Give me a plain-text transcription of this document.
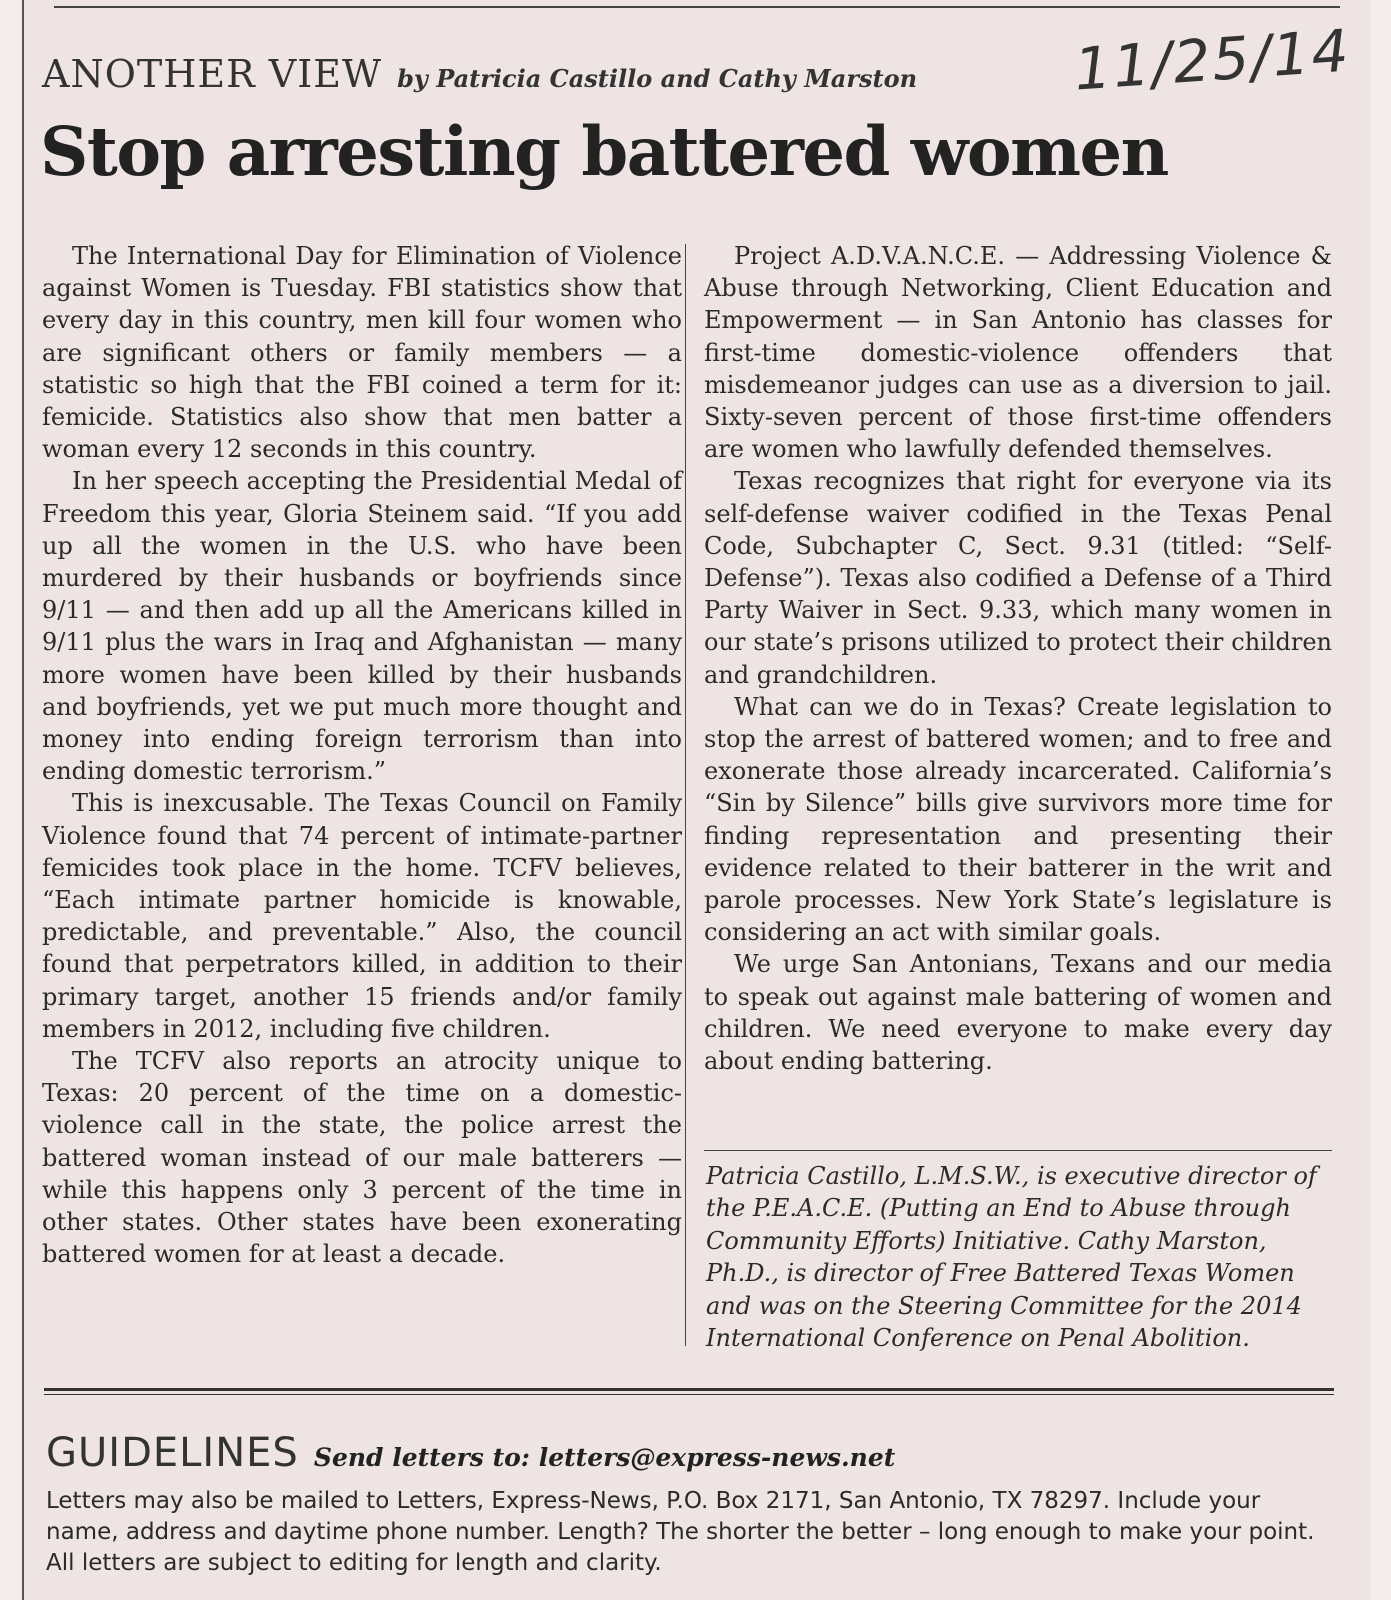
ANOTHER VIEW by Patricia Castillo and Cathy Marston	11/25/14
Stop arresting battered women

The International Day for Elimination of Violence against Women is Tuesday. FBI statistics show that every day in this country, men kill four women who are significant others or family members — a statistic so high that the FBI coined a term for it: femicide. Statistics also show that men batter a woman every 12 seconds in this country.

In her speech accepting the Presidential Medal of Freedom this year, Gloria Steinem said. “If you add up all the women in the U.S. who have been murdered by their husbands or boyfriends since 9/11 — and then add up all the Americans killed in 9/11 plus the wars in Iraq and Afghanistan — many more women have been killed by their husbands and boyfriends, yet we put much more thought and money into ending foreign terrorism than into ending domestic terrorism.”

This is inexcusable. The Texas Council on Family Violence found that 74 percent of intimate-partner femicides took place in the home. TCFV believes, “Each intimate partner homicide is knowable, predictable, and preventable.” Also, the council found that perpetrators killed, in addition to their primary target, another 15 friends and/or family members in 2012, including five children.

The TCFV also reports an atrocity unique to Texas: 20 percent of the time on a domestic-violence call in the state, the police arrest the battered woman instead of our male batterers — while this happens only 3 percent of the time in other states. Other states have been exonerating battered women for at least a decade.

Project A.D.V.A.N.C.E. — Addressing Violence & Abuse through Networking, Client Education and Empowerment — in San Antonio has classes for first-time domestic-violence offenders that misdemeanor judges can use as a diversion to jail. Sixty-seven percent of those first-time offenders are women who lawfully defended themselves.

Texas recognizes that right for everyone via its self-defense waiver codified in the Texas Penal Code, Subchapter C, Sect. 9.31 (titled: “Self-Defense”). Texas also codified a Defense of a Third Party Waiver in Sect. 9.33, which many women in our state’s prisons utilized to protect their children and grandchildren.

What can we do in Texas? Create legislation to stop the arrest of battered women; and to free and exonerate those already incarcerated. California’s “Sin by Silence” bills give survivors more time for finding representation and presenting their evidence related to their batterer in the writ and parole processes. New York State’s legislature is considering an act with similar goals.

We urge San Antonians, Texans and our media to speak out against male battering of women and children. We need everyone to make every day about ending battering.

Patricia Castillo, L.M.S.W., is executive director of the P.E.A.C.E. (Putting an End to Abuse through Community Efforts) Initiative. Cathy Marston, Ph.D., is director of Free Battered Texas Women and was on the Steering Committee for the 2014 International Conference on Penal Abolition.
GUIDELINES Send letters to: letters@express-news.net
Letters may also be mailed to Letters, Express-News, P.O. Box 2171, San Antonio, TX 78297. Include your name, address and daytime phone number. Length? The shorter the better – long enough to make your point. All letters are subject to editing for length and clarity.
